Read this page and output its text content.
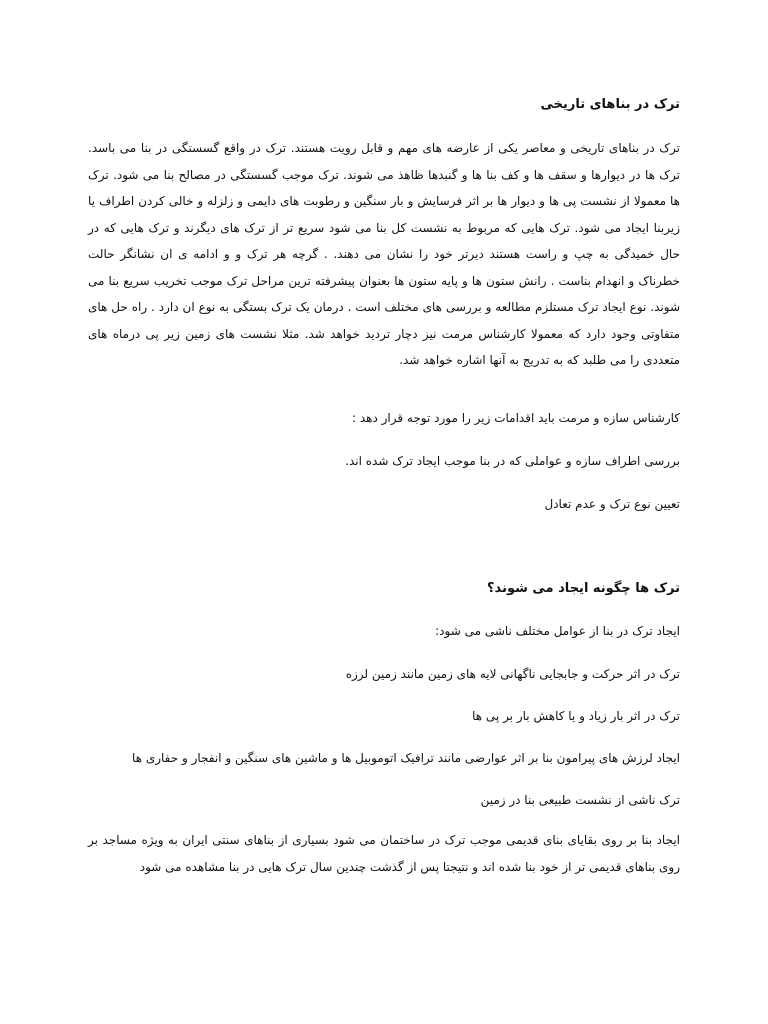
ترک در بناهای تاریخی

ترک در بناهای تاریخی و معاصر یکی از عارضه های مهم و قابل رویت هستند. ترک در واقع گسستگی در بنا می باسد. ترک ها در دیوارها و سقف ها و کف بنا ها و گنبدها ظاهذ می شوند. ترک موجب گسستگی در مصالح بنا می شود. ترک ها معمولا از نشست پی ها و دیوار ها بر اثر فرسایش و بار سنگین و رطوبت های دایمی و زلزله و خالی کردن اطراف یا زیربنا ایجاد می شود. ترک هایی که مربوط به نشست کل بنا می شود سریع تر از ترک های دیگرند و ترک هایی که در حال خمیدگی به چپ و راست هستند دیرتر خود را نشان می دهند. . گرچه هر ترک و و ادامه ی ان نشانگر حالت خطرناک و انهدام بناست . رانش ستون ها و پایه ستون ها بعنوان پیشرفته ترین مراحل ترک موجب تخریب سریع بنا می شوند. نوع ایجاد ترک مستلزم مطالعه و بررسی های مختلف است . درمان یک ترک بستگی به نوع ان دارد . راه حل های متفاوتی وجود دارد که معمولا کارشناس مرمت نیز دچار تردید خواهد شد. مثلا نشست های زمین زیر پی درماه های متعددی را می طلبد که به تدریج به آنها اشاره خواهد شد.

کارشناس سازه و مرمت باید اقدامات زیر را مورد توجه قرار دهد :

بررسی اطراف سازه و عواملی که در بنا موجب ایجاد ترک شده اند.

تعیین نوع ترک و عدم تعادل

ترک ها چگونه ایجاد می شوند؟

ایجاد ترک در بنا از عوامل مختلف ناشی می شود:

ترک در اثر حرکت و جابجایی ناگهانی لایه های زمین مانند زمین لرزه

ترک در اثر بار زیاد و یا کاهش بار بر پی ها

ایجاد لرزش های پیرامون بنا بر اثر عوارضی مانند ترافیک اتوموبیل ها و ماشین های سنگین و انفجار و حفاری ها

ترک ناشی از نشست طبیعی بنا در زمین

ایجاد بنا بر روی بقایای بنای قدیمی موجب ترک در ساختمان می شود بسیاری از بناهای سنتی ایران به ویژه مساجد بر روی بناهای قدیمی تر از خود بنا شده اند و نتیجتا پس از گذشت چندین سال ترک هایی در بنا مشاهده می شود
